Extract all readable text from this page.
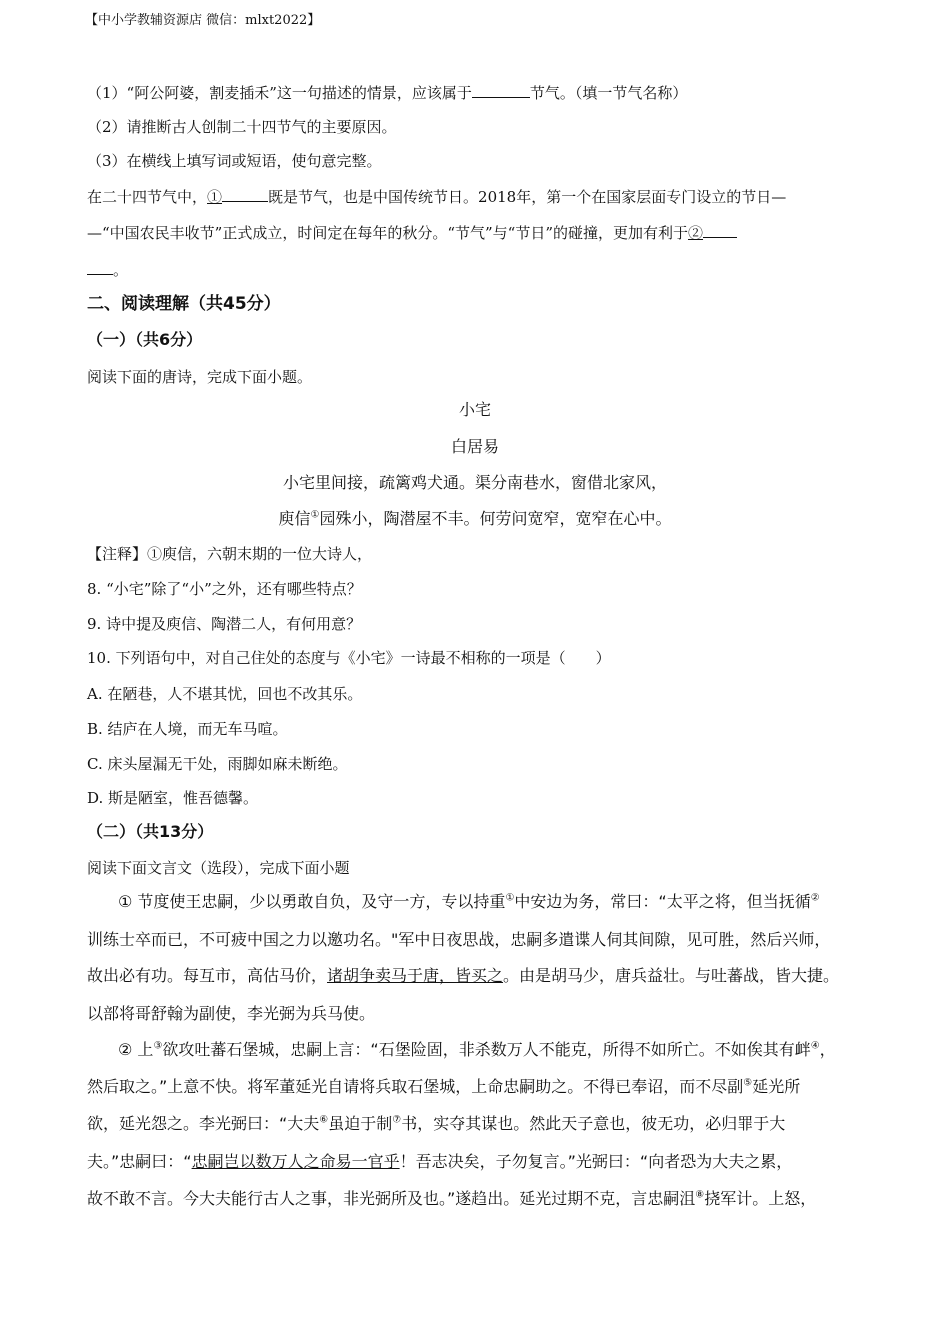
【中小学教辅资源店 微信：mlxt2022】
（1）“阿公阿婆，割麦插禾”这一句描述的情景，应该属于	节气。（填一节气名称）
（2）请推断古人创制二十四节气的主要原因。
（3）在横线上填写词或短语，使句意完整。
在二十四节气中，①	既是节气，也是中国传统节日。2018年，第一个在国家层面专门设立的节日—
—“中国农民丰收节”正式成立，时间定在每年的秋分。“节气”与“节日”的碰撞，更加有利于②
。
二、阅读理解（共45分）
（一）（共6分）
阅读下面的唐诗，完成下面小题。
小宅
白居易
小宅里间接，疏篱鸡犬通。渠分南巷水，窗借北家风，
庾信①园殊小，陶潜屋不丰。何劳问宽窄，宽窄在心中。
【注释】①庾信，六朝末期的一位大诗人，
8. “小宅”除了“小”之外，还有哪些特点？
9. 诗中提及庾信、陶潜二人，有何用意？
10. 下列语句中，对自己住处的态度与《小宅》一诗最不相称的一项是（　　）
A. 在陋巷，人不堪其忧，回也不改其乐。
B. 结庐在人境，而无车马喧。
C. 床头屋漏无干处，雨脚如麻未断绝。
D. 斯是陋室，惟吾德馨。
（二）（共13分）
阅读下面文言文（选段），完成下面小题
① 节度使王忠嗣，少以勇敢自负，及守一方，专以持重①中安边为务，常曰：“太平之将，但当抚循②
训练士卒而已，不可疲中国之力以邀功名。"军中日夜思战，忠嗣多遣谍人伺其间隙，见可胜，然后兴师，
故出必有功。每互市，高估马价，诸胡争卖马于唐，皆买之。由是胡马少，唐兵益壮。与吐蕃战，皆大捷。
以部将哥舒翰为副使，李光弼为兵马使。
② 上③欲攻吐蕃石堡城，忠嗣上言：“石堡险固，非杀数万人不能克，所得不如所亡。不如俟其有衅④，
然后取之。”上意不快。将军董延光自请将兵取石堡城，上命忠嗣助之。不得已奉诏，而不尽副⑤延光所
欲，延光怨之。李光弼曰：“大夫⑥虽迫于制⑦书，实夺其谋也。然此天子意也，彼无功，必归罪于大
夫。”忠嗣曰：“忠嗣岂以数万人之命易一官乎！吾志决矣，子勿复言。”光弼曰：“向者恐为大夫之累，
故不敢不言。今大夫能行古人之事，非光弼所及也。”遂趋出。延光过期不克，言忠嗣沮⑧挠军计。上怒，
